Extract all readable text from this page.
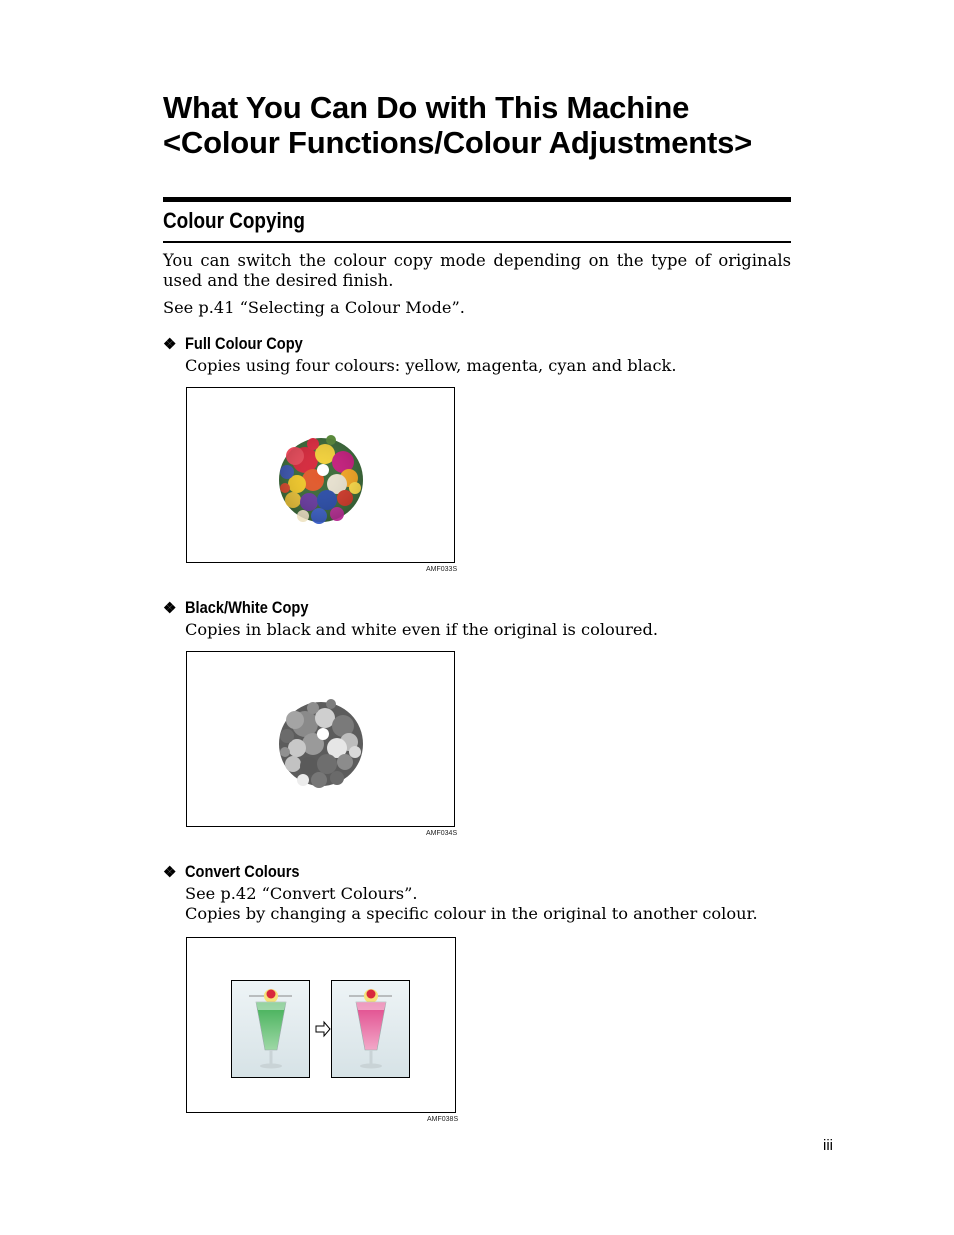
What You Can Do with This Machine
<Colour Functions/Colour Adjustments>
Colour Copying

You can switch the colour copy mode depending on the type of originals used and the desired finish.

See p.41 “Selecting a Colour Mode”.

❖ Full Colour Copy

Copies using four colours: yellow, magenta, cyan and black.

AMF033S
❖ Black/White Copy

Copies in black and white even if the original is coloured.

AMF034S
❖ Convert Colours

See p.42 “Convert Colours”.

Copies by changing a specific colour in the original to another colour.

AMF038S
iii
